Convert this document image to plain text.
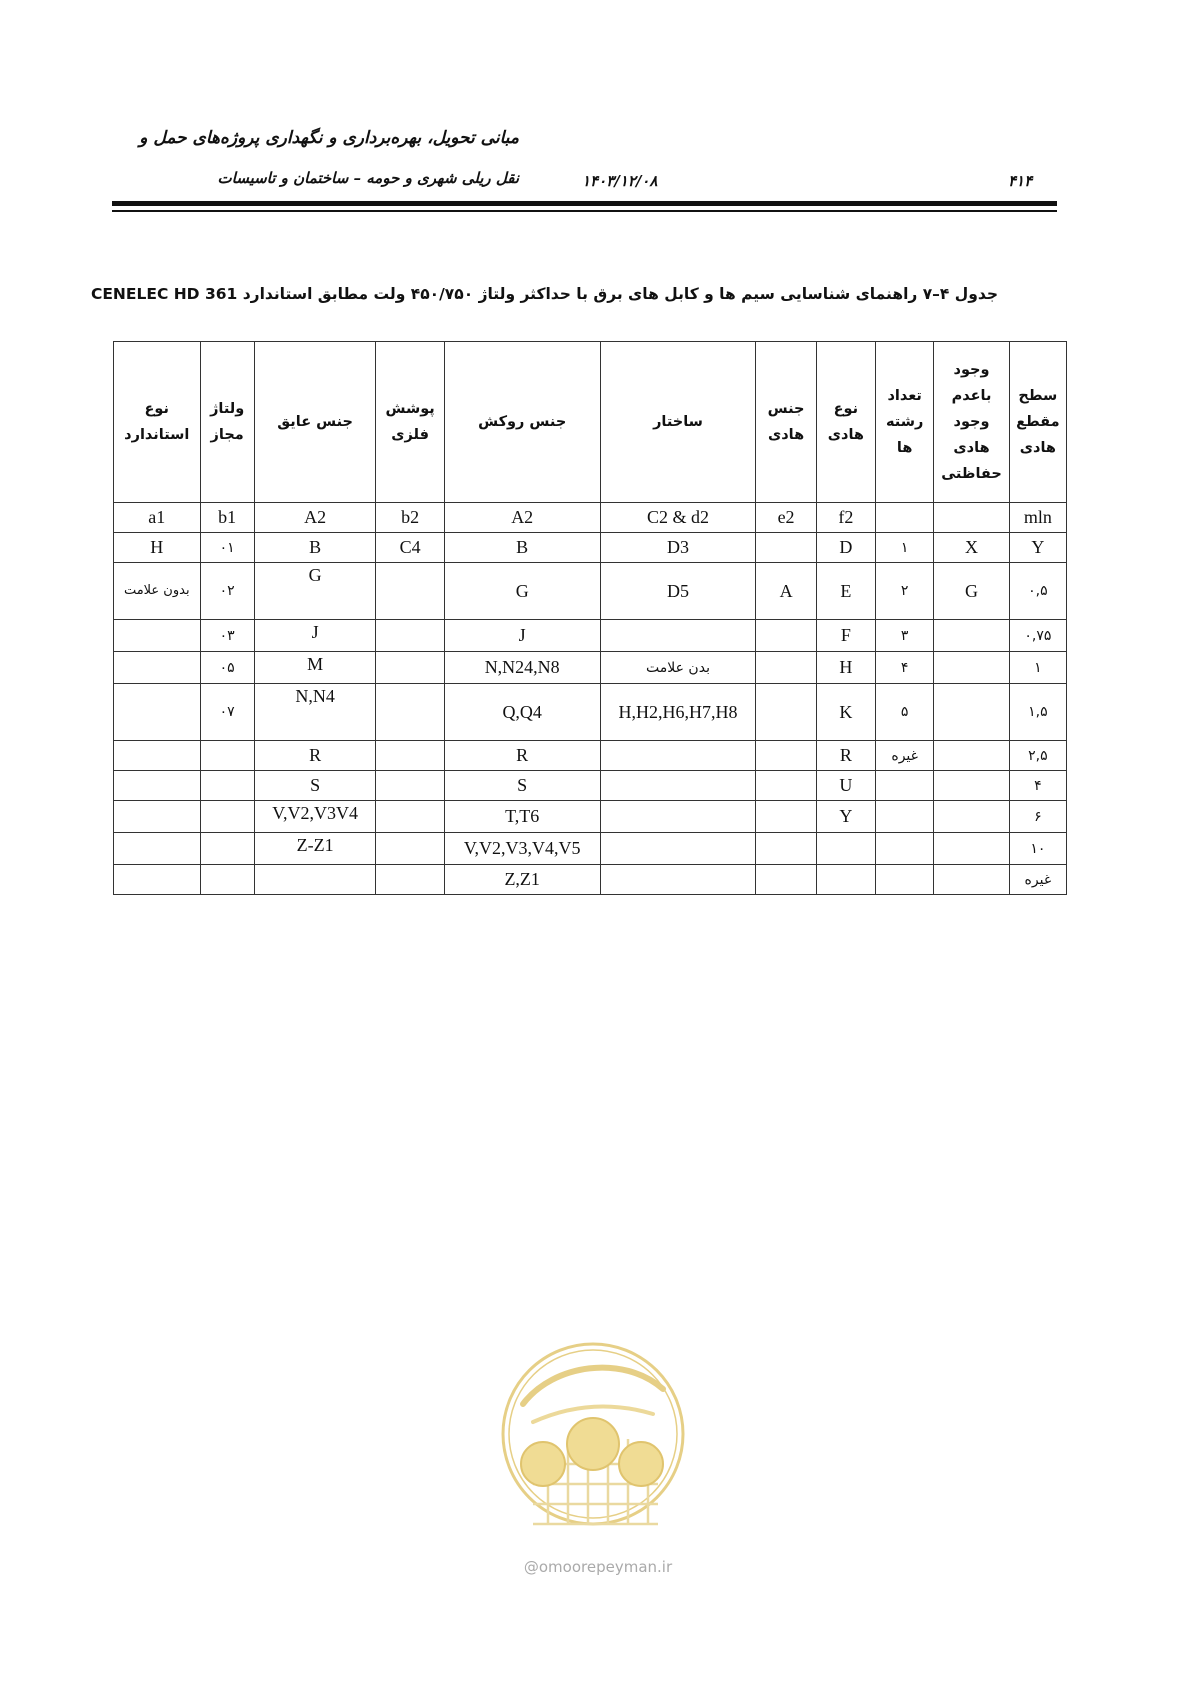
مبانی تحویل، بهره‌برداری و نگهداری پروژه‌های حمل و
نقل ریلی شهری و حومه – ساختمان و تاسیسات	۱۴۰۳/۱۲/۰۸	۴۱۴
جدول ۴–۷ راهنمای شناسایی سیم ها و کابل های برق با حداکثر ولتاژ ۴۵۰/۷۵۰ ولت مطابق استاندارد CENELEC HD 361
سطح مقطع هادی	وجود باعدم وجود هادی حفاظتی	تعداد رشته ها	نوع هادی	جنس هادی	ساختار	جنس روکش	پوشش فلزی	جنس عایق	ولتاژ مجاز	نوع استاندارد
mln			f2	e2	C2 & d2	A2	b2	A2	b1	a1
Y	X	۱	D		D3	B	C4	B	۰۱	H
۰,۵	G	۲	E	A	D5	G		G	۰۲	بدون علامت
۰,۷۵		۳	F			J		J	۰۳	
۱		۴	H		بدن علامت	N,N24,N8		M	۰۵	
۱,۵		۵	K		H,H2,H6,H7,H8	Q,Q4		N,N4	۰۷	
۲,۵		غیره	R			R		R		
۴			U			S		S		
۶			Y			T,T6		V,V2,V3V4		
۱۰						V,V2,V3,V4,V5		Z-Z1		
غیره						Z,Z1				
@omoorepeyman.ir
